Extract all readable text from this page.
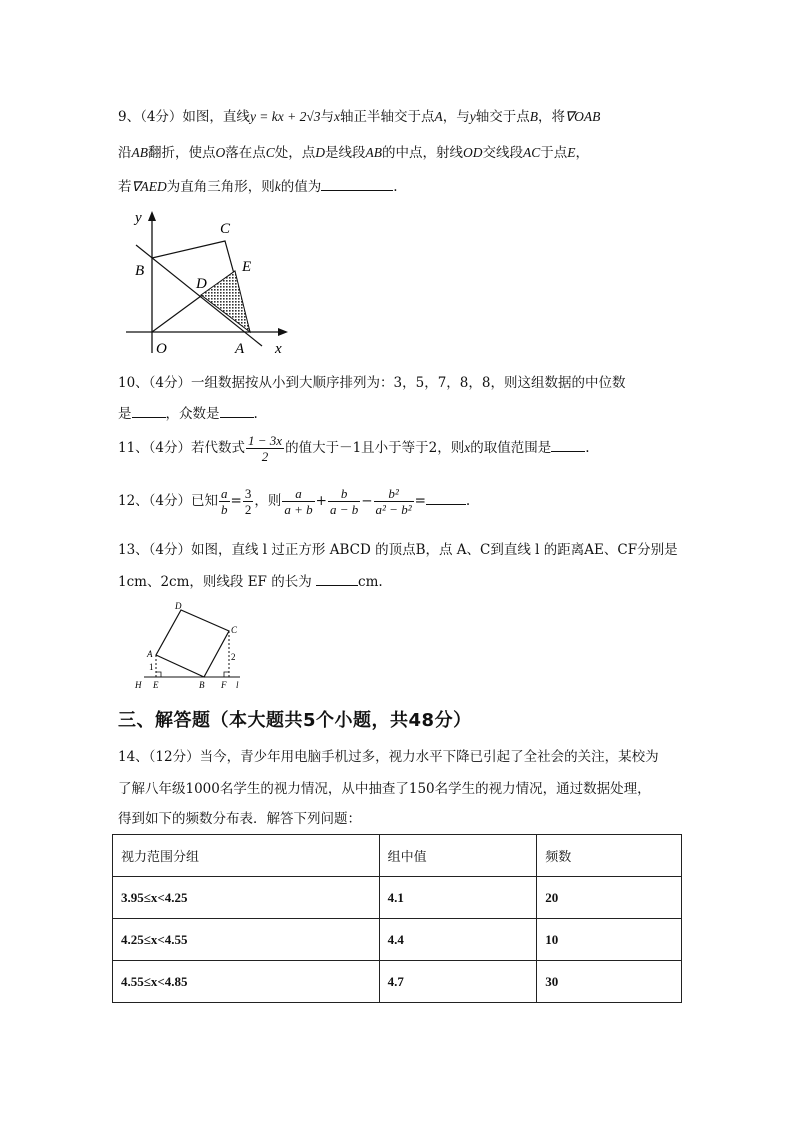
9、（4分）如图，直线y = kx + 2√3与x轴正半轴交于点A，与y轴交于点B，将∇OAB
沿AB翻折，使点O落在点C处，点D是线段AB的中点，射线OD交线段AC于点E，
若∇AED为直角三角形，则k的值为	.
y
C
B	E
D
O	A x
10、（4分）一组数据按从小到大顺序排列为：3，5，7，8，8，则这组数据的中位数
是	，众数是	.
11、（4分）若代数式 $\frac{1 - 3x}{2}$ 的值大于－1且小于等于2，则x的取值范围是	.
12、（4分）已知 $\frac{a}{b} = \frac{3}{2}$ ，则 $\frac{a}{a + b} + \frac{b}{a - b} - \frac{\text{b²}}{\text{a² − b²}}$ =	.
13、（4分）如图，直线 l 过正方形 ABCD 的顶点B，点 A、C到直线 l 的距离AE、CF分别是
1cm、2cm，则线段 EF 的长为	cm.
D
C
A
1
2
H E	B F l
三、解答题（本大题共5个小题，共48分）
14、（12分）当今，青少年用电脑手机过多，视力水平下降已引起了全社会的关注，某校为
了解八年级1000名学生的视力情况，从中抽查了150名学生的视力情况，通过数据处理，
得到如下的频数分布表．解答下列问题：
视力范围分组	组中值	频数
3.95≤x<4.25	4.1	20
4.25≤x<4.55	4.4	10
4.55≤x<4.85	4.7	30
